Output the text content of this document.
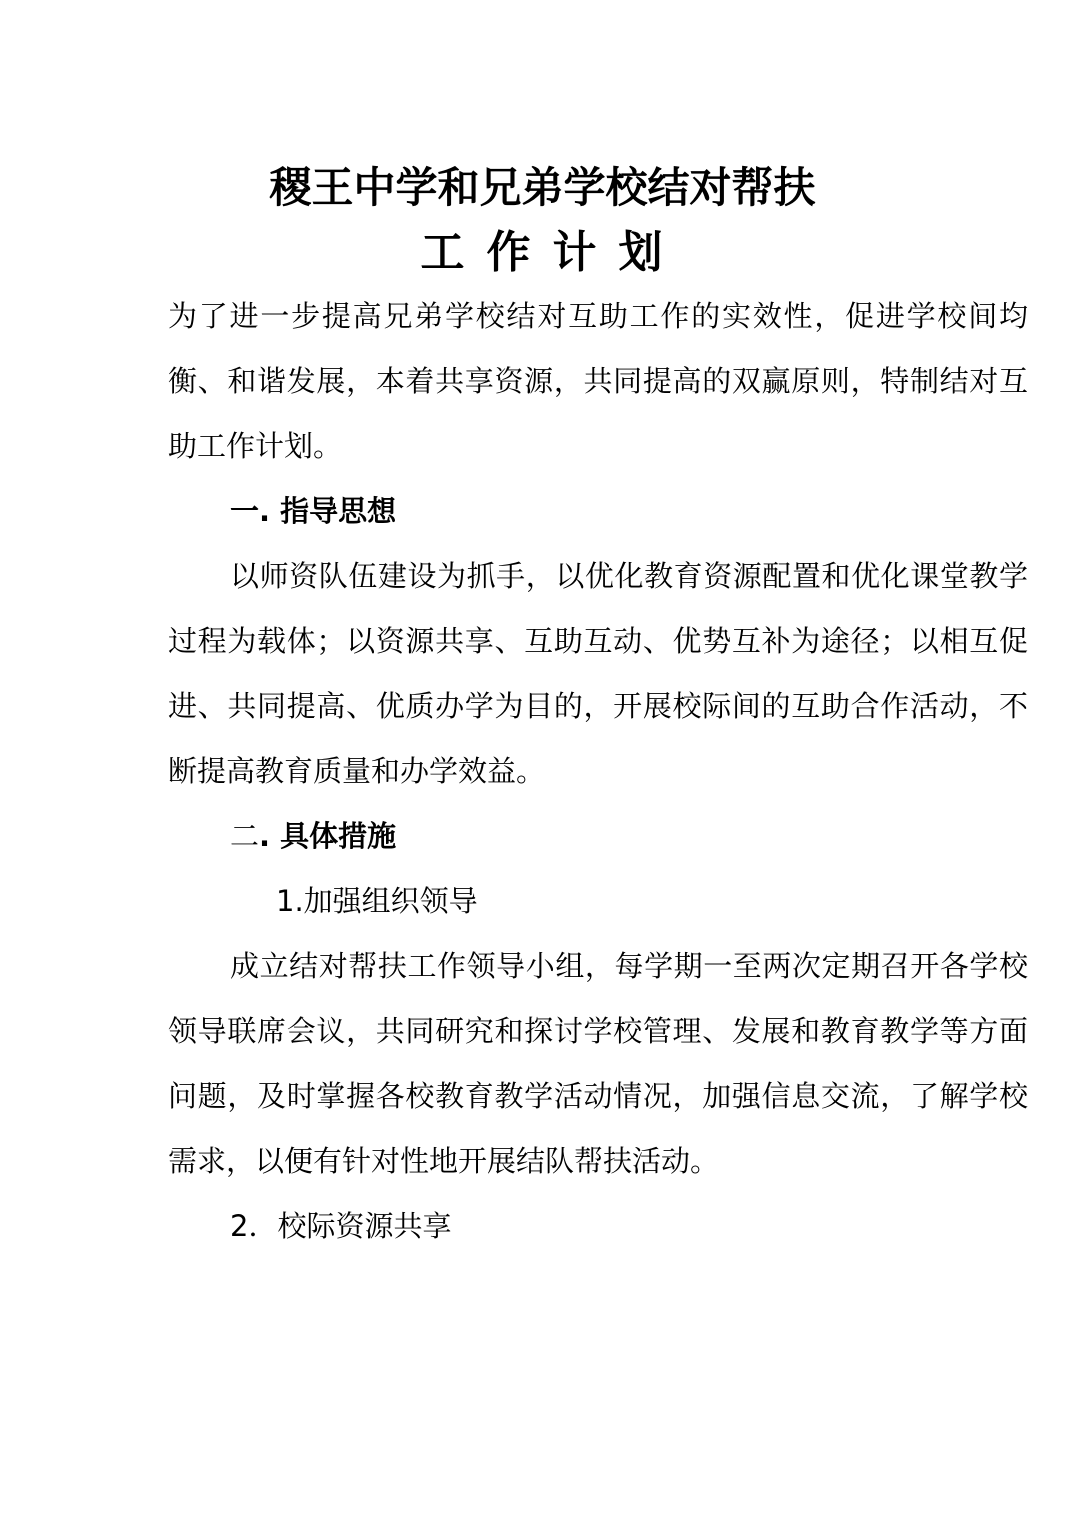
稷王中学和兄弟学校结对帮扶
工作计划

为了进一步提高兄弟学校结对互助工作的实效性，促进学校间均衡、和谐发展，本着共享资源，共同提高的双赢原则，特制结对互助工作计划。

一. 指导思想

以师资队伍建设为抓手，以优化教育资源配置和优化课堂教学过程为载体；以资源共享、互助互动、优势互补为途径；以相互促进、共同提高、优质办学为目的，开展校际间的互助合作活动，不断提高教育质量和办学效益。

二. 具体措施

1.加强组织领导

成立结对帮扶工作领导小组，每学期一至两次定期召开各学校领导联席会议，共同研究和探讨学校管理、发展和教育教学等方面问题，及时掌握各校教育教学活动情况，加强信息交流，了解学校需求，以便有针对性地开展结队帮扶活动。

2．校际资源共享
